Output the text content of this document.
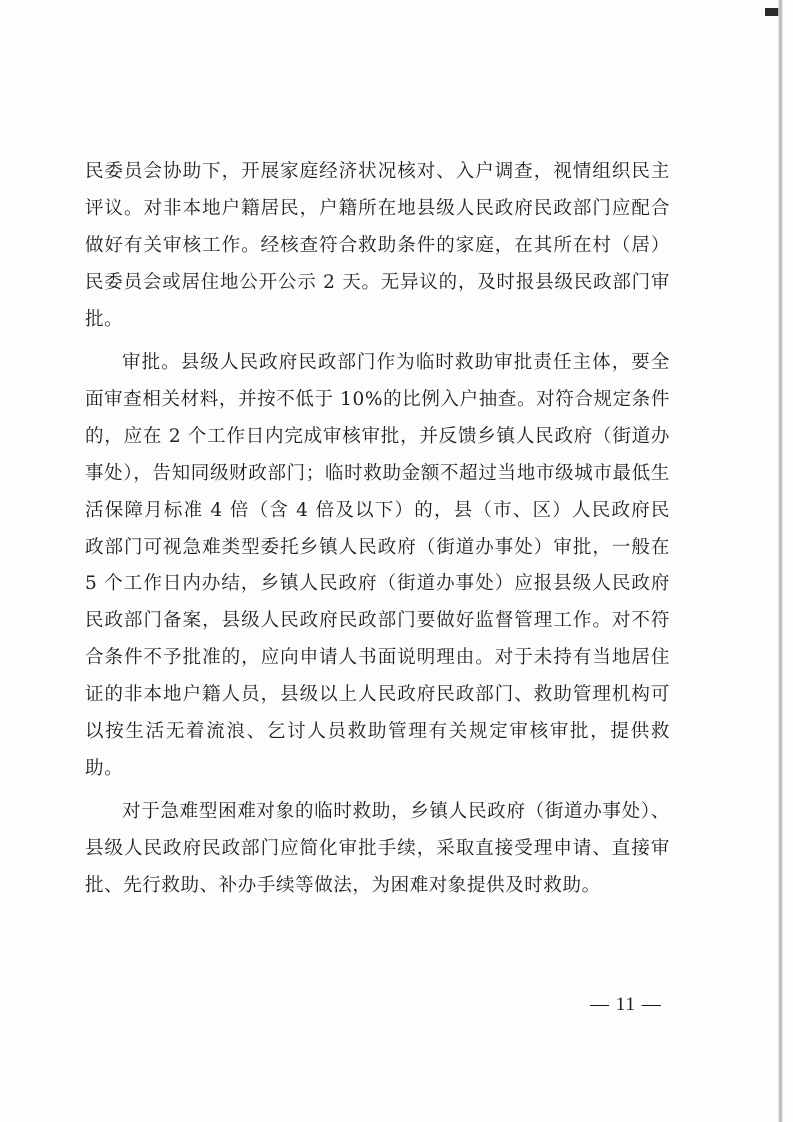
民委员会协助下，开展家庭经济状况核对、入户调查，视情组织民主评议。对非本地户籍居民，户籍所在地县级人民政府民政部门应配合做好有关审核工作。经核查符合救助条件的家庭，在其所在村（居）民委员会或居住地公开公示 2 天。无异议的，及时报县级民政部门审批。

审批。县级人民政府民政部门作为临时救助审批责任主体，要全面审查相关材料，并按不低于 10%的比例入户抽查。对符合规定条件的，应在 2 个工作日内完成审核审批，并反馈乡镇人民政府（街道办事处），告知同级财政部门；临时救助金额不超过当地市级城市最低生活保障月标准 4 倍（含 4 倍及以下）的，县（市、区）人民政府民政部门可视急难类型委托乡镇人民政府（街道办事处）审批，一般在 5 个工作日内办结，乡镇人民政府（街道办事处）应报县级人民政府民政部门备案，县级人民政府民政部门要做好监督管理工作。对不符合条件不予批准的，应向申请人书面说明理由。对于未持有当地居住证的非本地户籍人员，县级以上人民政府民政部门、救助管理机构可以按生活无着流浪、乞讨人员救助管理有关规定审核审批，提供救助。

对于急难型困难对象的临时救助，乡镇人民政府（街道办事处）、县级人民政府民政部门应简化审批手续，采取直接受理申请、直接审批、先行救助、补办手续等做法，为困难对象提供及时救助。

— 11 —
